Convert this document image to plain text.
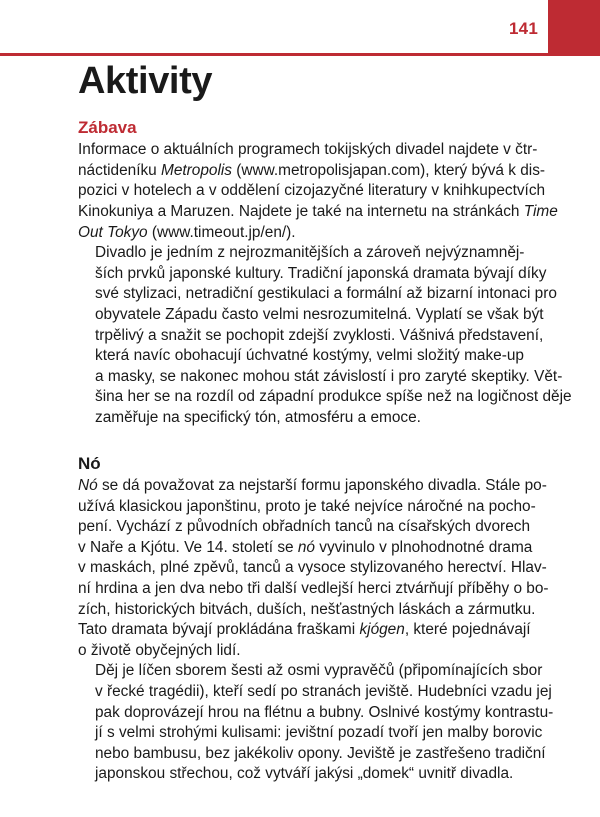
141
Aktivity
Zábava

Informace o aktuálních programech tokijských divadel najdete v čtr-
náctideníku Metropolis (www.metropolisjapan.com), který bývá k dis-
pozici v hotelech a v oddělení cizojazyčné literatury v knihkupectvích
Kinokuniya a Maruzen. Najdete je také na internetu na stránkách Time
Out Tokyo (www.timeout.jp/en/).

Divadlo je jedním z nejrozmanitějších a zároveň nejvýznamněj-
ších prvků japonské kultury. Tradiční japonská dramata bývají díky
své stylizaci, netradiční gestikulaci a formální až bizarní intonaci pro
obyvatele Západu často velmi nesrozumitelná. Vyplatí se však být
trpělivý a snažit se pochopit zdejší zvyklosti. Vášnivá představení,
která navíc obohacují úchvatné kostýmy, velmi složitý make-up
a masky, se nakonec mohou stát závislostí i pro zaryté skeptiky. Vět-
šina her se na rozdíl od západní produkce spíše než na logičnost děje
zaměřuje na specifický tón, atmosféru a emoce.

Nó

Nó se dá považovat za nejstarší formu japonského divadla. Stále po-
užívá klasickou japonštinu, proto je také nejvíce náročné na pocho-
pení. Vychází z původních obřadních tanců na císařských dvorech
v Naře a Kjótu. Ve 14. století se nó vyvinulo v plnohodnotné drama
v maskách, plné zpěvů, tanců a vysoce stylizovaného herectví. Hlav-
ní hrdina a jen dva nebo tři další vedlejší herci ztvárňují příběhy o bo-
zích, historických bitvách, duších, nešťastných láskách a zármutku.
Tato dramata bývají prokládána fraškami kjógen, které pojednávají
o životě obyčejných lidí.

Děj je líčen sborem šesti až osmi vypravěčů (připomínajících sbor
v řecké tragédii), kteří sedí po stranách jeviště. Hudebníci vzadu jej
pak doprovázejí hrou na flétnu a bubny. Oslnivé kostýmy kontrastu-
jí s velmi strohými kulisami: jevištní pozadí tvoří jen malby borovic
nebo bambusu, bez jakékoliv opony. Jeviště je zastřešeno tradiční
japonskou střechou, což vytváří jakýsi „domek“ uvnitř divadla.
